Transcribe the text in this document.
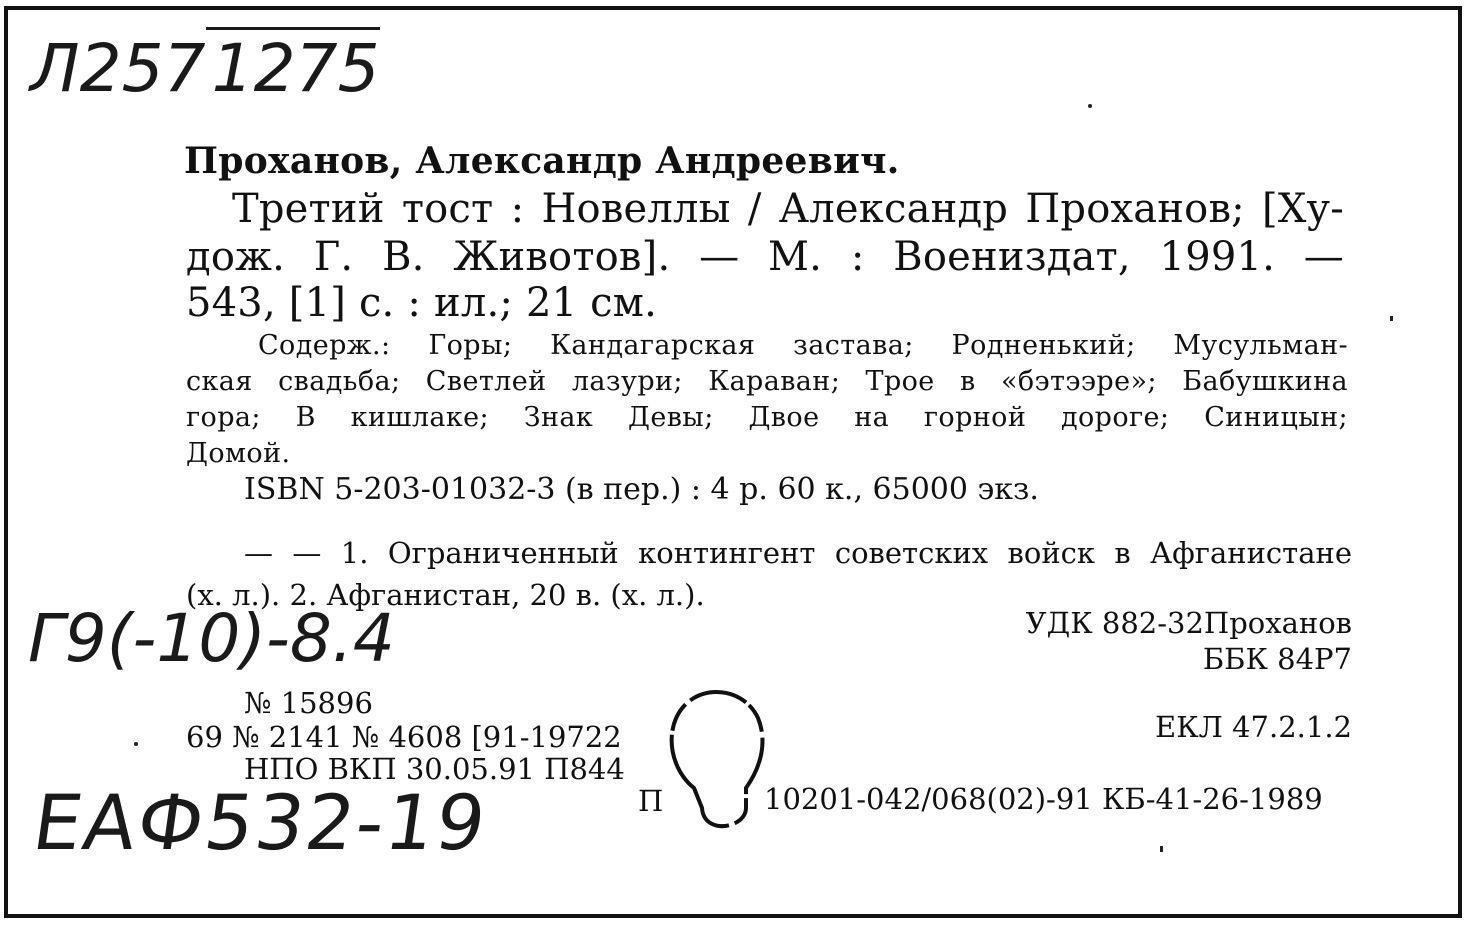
Л2571275
Проханов, Александр Андреевич.
Третий тост : Новеллы / Александр Проханов; [Ху-
дож. Г. В. Животов]. — М. : Воениздат, 1991. —
543, [1] с. : ил.; 21 см.
Содерж.: Горы; Кандагарская застава; Родненький; Мусульман-
ская свадьба; Светлей лазури; Караван; Трое в «бэтээре»; Бабушкина
гора; В кишлаке; Знак Девы; Двое на горной дороге; Синицын;
Домой.
ISBN 5-203-01032-3 (в пер.) : 4 р. 60 к., 65000 экз.
— — 1. Ограниченный контингент советских войск в Афганистане
(х. л.). 2. Афганистан, 20 в. (х. л.).
УДК 882-32Проханов
ББК 84Р7
Г9(-10)-8.4
№ 15896
69 № 2141 № 4608 [91-19722
НПО ВКП 30.05.91 П844
ЕКЛ 47.2.1.2
П	10201-042/068(02)-91 КБ-41-26-1989
EAФ532-19
